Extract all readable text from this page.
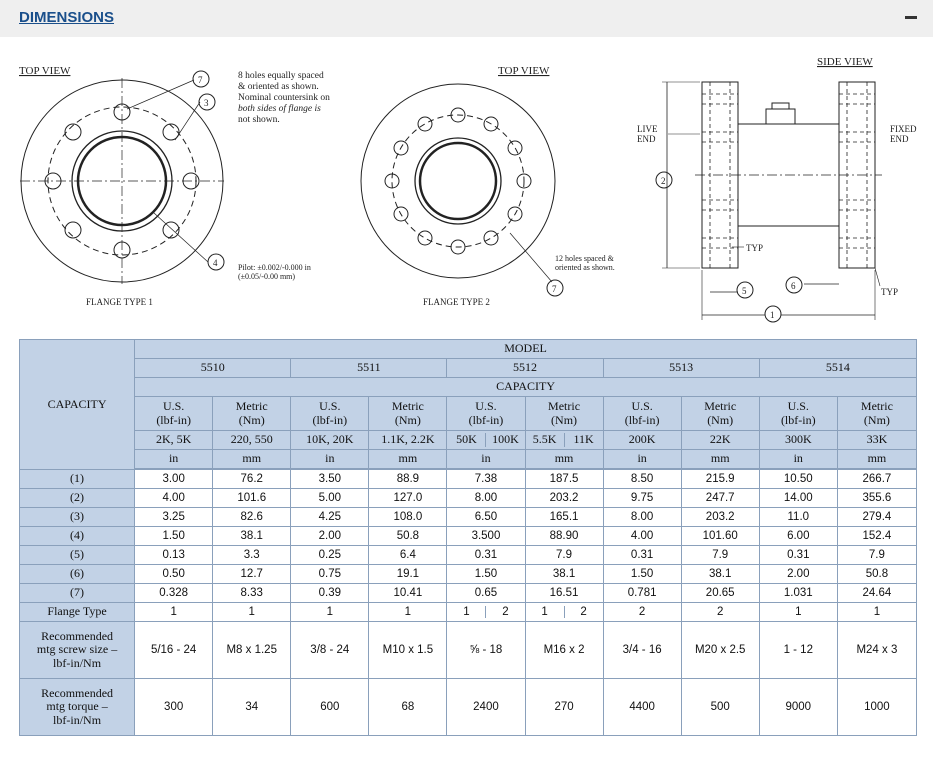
DIMENSIONS
TOP VIEW
7
3
4
FLANGE TYPE 1
8 holes equally spaced
& oriented as shown.
Nominal countersink on
both sides of flange is
not shown.
Pilot: ±0.002/-0.000 in
(±0.05/-0.00 mm)
TOP VIEW
7
12 holes spaced &
oriented as shown.
FLANGE TYPE 2
SIDE VIEW
2
1
5	6
TYP
TYP
LIVE
END
FIXED
END
CAPACITY	MODEL									
	5510		5511		5512		5513		5514	
	CAPACITY									
	U.S.
(lbf-in)	Metric
(Nm)	U.S.
(lbf-in)	Metric
(Nm)	U.S.
(lbf-in)	Metric
(Nm)	U.S.
(lbf-in)	Metric
(Nm)	U.S.
(lbf-in)	Metric
(Nm)
	2K, 5K	220, 550	10K, 20K	1.1K, 2.2K	50K 100K	5.5K 11K	200K	22K	300K	33K
	in	mm	in	mm	in	mm	in	mm	in	mm

(1)	3.00	76.2	3.50	88.9	7.38	187.5	8.50	215.9	10.50	266.7
(2)	4.00	101.6	5.00	127.0	8.00	203.2	9.75	247.7	14.00	355.6
(3)	3.25	82.6	4.25	108.0	6.50	165.1	8.00	203.2	11.0	279.4
(4)	1.50	38.1	2.00	50.8	3.500	88.90	4.00	101.60	6.00	152.4
(5)	0.13	3.3	0.25	6.4	0.31	7.9	0.31	7.9	0.31	7.9
(6)	0.50	12.7	0.75	19.1	1.50	38.1	1.50	38.1	2.00	50.8
(7)	0.328	8.33	0.39	10.41	0.65	16.51	0.781	20.65	1.031	24.64
Flange Type	1	1	1	1	1 2	1 2	2	2	1	1
Recommended
mtg screw size –
lbf-in/Nm	5/16 - 24	M8 x 1.25	3/8 - 24	M10 x 1.5	⅝ - 18	M16 x 2	3/4 - 16	M20 x 2.5	1 - 12	M24 x 3
Recommended
mtg torque –
lbf-in/Nm	300	34	600	68	2400	270	4400	500	9000	1000
